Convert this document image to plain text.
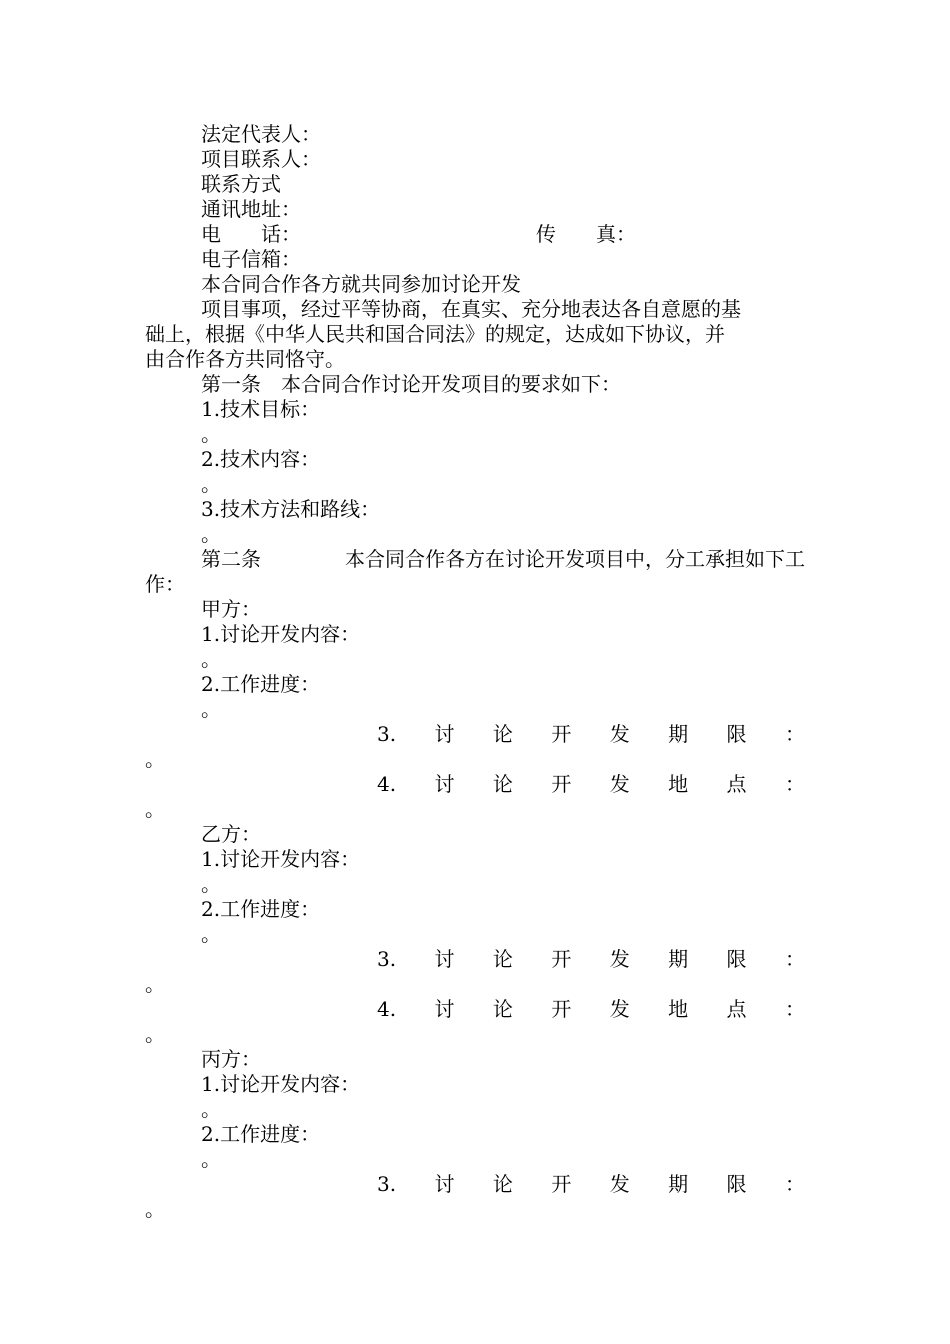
法定代表人：
项目联系人：
联系方式
通讯地址：
电　　话：	传　　真：
电子信箱：
本合同合作各方就共同参加讨论开发
项目事项，经过平等协商，在真实、充分地表达各自意愿的基
础上，根据《中华人民共和国合同法》的规定，达成如下协议，并
由合作各方共同恪守。
第一条　本合同合作讨论开发项目的要求如下：
1.技术目标：
。
2.技术内容：
。
3.技术方法和路线：
。
第二条	本合同合作各方在讨论开发项目中，分工承担如下工
作：
甲方：
1.讨论开发内容：
。
2.工作进度：
。
3. 讨 论 开 发 期 限 ：
。
4. 讨 论 开 发 地 点 ：
。
乙方：
1.讨论开发内容：
。
2.工作进度：
。
3. 讨 论 开 发 期 限 ：
。
4. 讨 论 开 发 地 点 ：
。
丙方：
1.讨论开发内容：
。
2.工作进度：
。
3. 讨 论 开 发 期 限 ：
。
